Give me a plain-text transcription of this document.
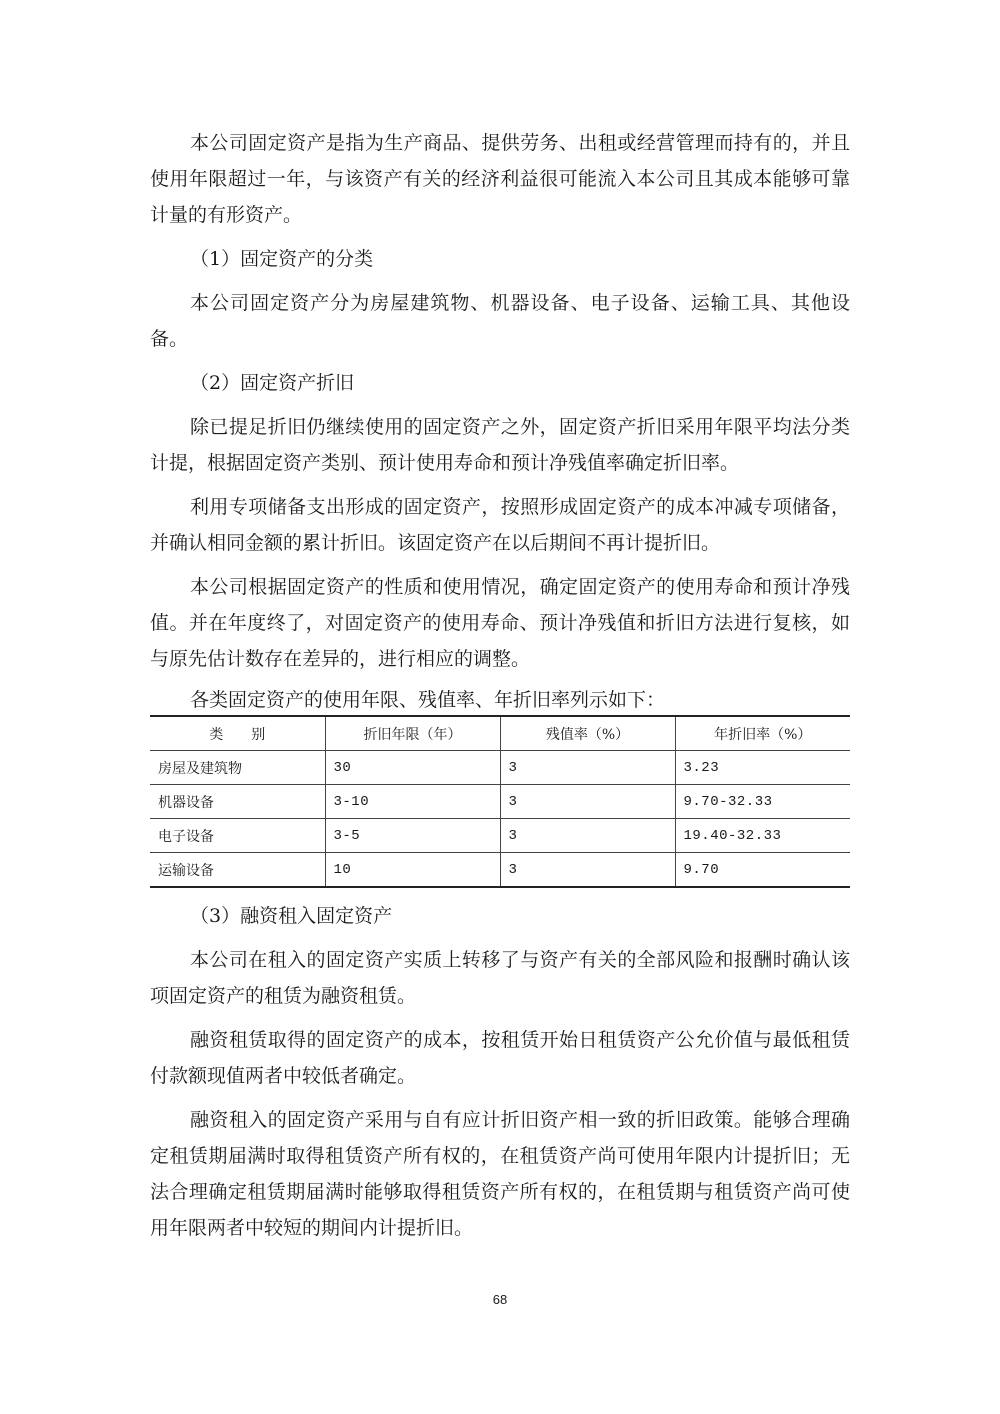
本公司固定资产是指为生产商品、提供劳务、出租或经营管理而持有的，并且使用年限超过一年，与该资产有关的经济利益很可能流入本公司且其成本能够可靠计量的有形资产。

（1）固定资产的分类

本公司固定资产分为房屋建筑物、机器设备、电子设备、运输工具、其他设备。

（2）固定资产折旧

除已提足折旧仍继续使用的固定资产之外，固定资产折旧采用年限平均法分类计提，根据固定资产类别、预计使用寿命和预计净残值率确定折旧率。

利用专项储备支出形成的固定资产，按照形成固定资产的成本冲减专项储备，并确认相同金额的累计折旧。该固定资产在以后期间不再计提折旧。

本公司根据固定资产的性质和使用情况，确定固定资产的使用寿命和预计净残值。并在年度终了，对固定资产的使用寿命、预计净残值和折旧方法进行复核，如与原先估计数存在差异的，进行相应的调整。

各类固定资产的使用年限、残值率、年折旧率列示如下：

类　　别	折旧年限（年）	残值率（%）	年折旧率（%）
房屋及建筑物	30	3	3.23
机器设备	3-10	3	9.70-32.33
电子设备	3-5	3	19.40-32.33
运输设备	10	3	9.70

（3）融资租入固定资产

本公司在租入的固定资产实质上转移了与资产有关的全部风险和报酬时确认该项固定资产的租赁为融资租赁。

融资租赁取得的固定资产的成本，按租赁开始日租赁资产公允价值与最低租赁付款额现值两者中较低者确定。

融资租入的固定资产采用与自有应计折旧资产相一致的折旧政策。能够合理确定租赁期届满时取得租赁资产所有权的，在租赁资产尚可使用年限内计提折旧；无法合理确定租赁期届满时能够取得租赁资产所有权的，在租赁期与租赁资产尚可使用年限两者中较短的期间内计提折旧。

68
